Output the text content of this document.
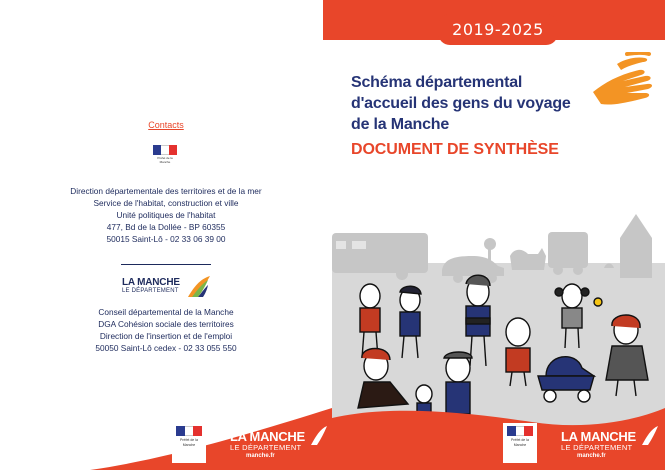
Contacts
Préfet de la Manche
Direction départementale des territoires et de la mer
Service de l'habitat, construction et ville
Unité politiques de l'habitat
477, Bd de la Dollée - BP 60355
50015 Saint-Lô - 02 33 06 39 00
LA MANCHE
LE DÉPARTEMENT
Conseil départemental de la Manche
DGA Cohésion sociale des territoires
Direction de l'insertion et de l'emploi
50050 Saint-Lô cedex - 02 33 055 550
2019-2025
Schéma départemental
d'accueil des gens du voyage
de la Manche
DOCUMENT DE SYNTHÈSE
Préfet de la Manche
LA MANCHE
LE DÉPARTEMENT
manche.fr
Préfet de la Manche
LA MANCHE
LE DÉPARTEMENT
manche.fr
